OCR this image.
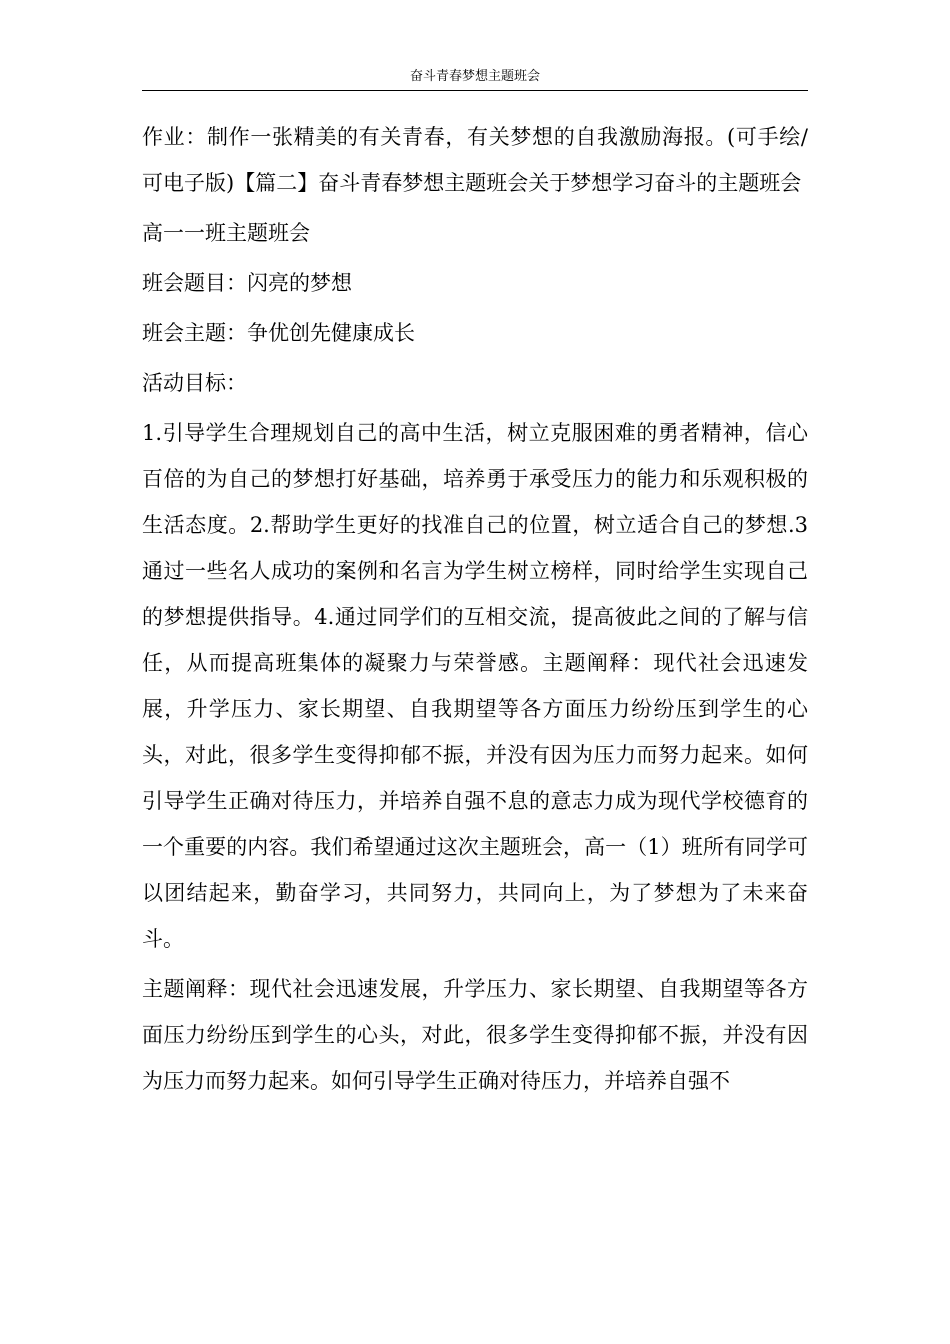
奋斗青春梦想主题班会

作业：制作一张精美的有关青春，有关梦想的自我激励海报。(可手绘/可电子版)【篇二】奋斗青春梦想主题班会关于梦想学习奋斗的主题班会

高一一班主题班会

班会题目：闪亮的梦想

班会主题：争优创先健康成长

活动目标：

1.引导学生合理规划自己的高中生活，树立克服困难的勇者精神，信心百倍的为自己的梦想打好基础，培养勇于承受压力的能力和乐观积极的生活态度。2.帮助学生更好的找准自己的位置，树立适合自己的梦想.3通过一些名人成功的案例和名言为学生树立榜样，同时给学生实现自己的梦想提供指导。4.通过同学们的互相交流，提高彼此之间的了解与信任，从而提高班集体的凝聚力与荣誉感。主题阐释：现代社会迅速发展，升学压力、家长期望、自我期望等各方面压力纷纷压到学生的心头，对此，很多学生变得抑郁不振，并没有因为压力而努力起来。如何引导学生正确对待压力，并培养自强不息的意志力成为现代学校德育的一个重要的内容。我们希望通过这次主题班会，高一（1）班所有同学可以团结起来，勤奋学习，共同努力，共同向上，为了梦想为了未来奋斗。

主题阐释：现代社会迅速发展，升学压力、家长期望、自我期望等各方面压力纷纷压到学生的心头，对此，很多学生变得抑郁不振，并没有因为压力而努力起来。如何引导学生正确对待压力，并培养自强不
